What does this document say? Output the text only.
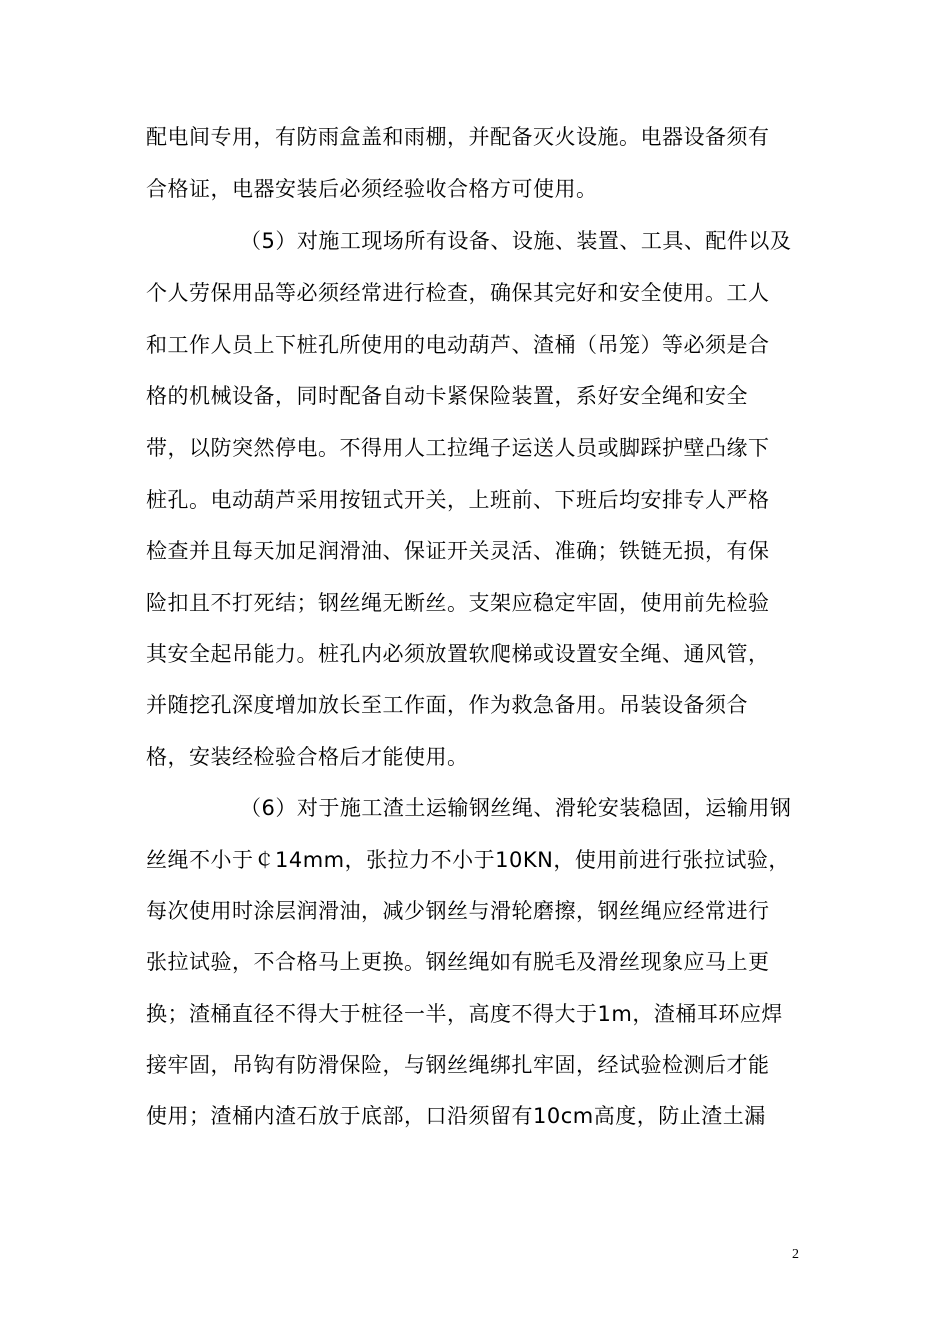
配电间专用，有防雨盒盖和雨棚，并配备灭火设施。电器设备须有
合格证，电器安装后必须经验收合格方可使用。
（5）对施工现场所有设备、设施、装置、工具、配件以及
个人劳保用品等必须经常进行检查，确保其完好和安全使用。工人
和工作人员上下桩孔所使用的电动葫芦、渣桶（吊笼）等必须是合
格的机械设备，同时配备自动卡紧保险装置，系好安全绳和安全
带，以防突然停电。不得用人工拉绳子运送人员或脚踩护壁凸缘下
桩孔。电动葫芦采用按钮式开关，上班前、下班后均安排专人严格
检查并且每天加足润滑油、保证开关灵活、准确；铁链无损，有保
险扣且不打死结；钢丝绳无断丝。支架应稳定牢固，使用前先检验
其安全起吊能力。桩孔内必须放置软爬梯或设置安全绳、通风管，
并随挖孔深度增加放长至工作面，作为救急备用。吊装设备须合
格，安装经检验合格后才能使用。
（6）对于施工渣土运输钢丝绳、滑轮安装稳固，运输用钢
丝绳不小于￠14mm，张拉力不小于10KN，使用前进行张拉试验，
每次使用时涂层润滑油，减少钢丝与滑轮磨擦，钢丝绳应经常进行
张拉试验，不合格马上更换。钢丝绳如有脱毛及滑丝现象应马上更
换；渣桶直径不得大于桩径一半，高度不得大于1m，渣桶耳环应焊
接牢固，吊钩有防滑保险，与钢丝绳绑扎牢固，经试验检测后才能
使用；渣桶内渣石放于底部，口沿须留有10cm高度，防止渣土漏
2
